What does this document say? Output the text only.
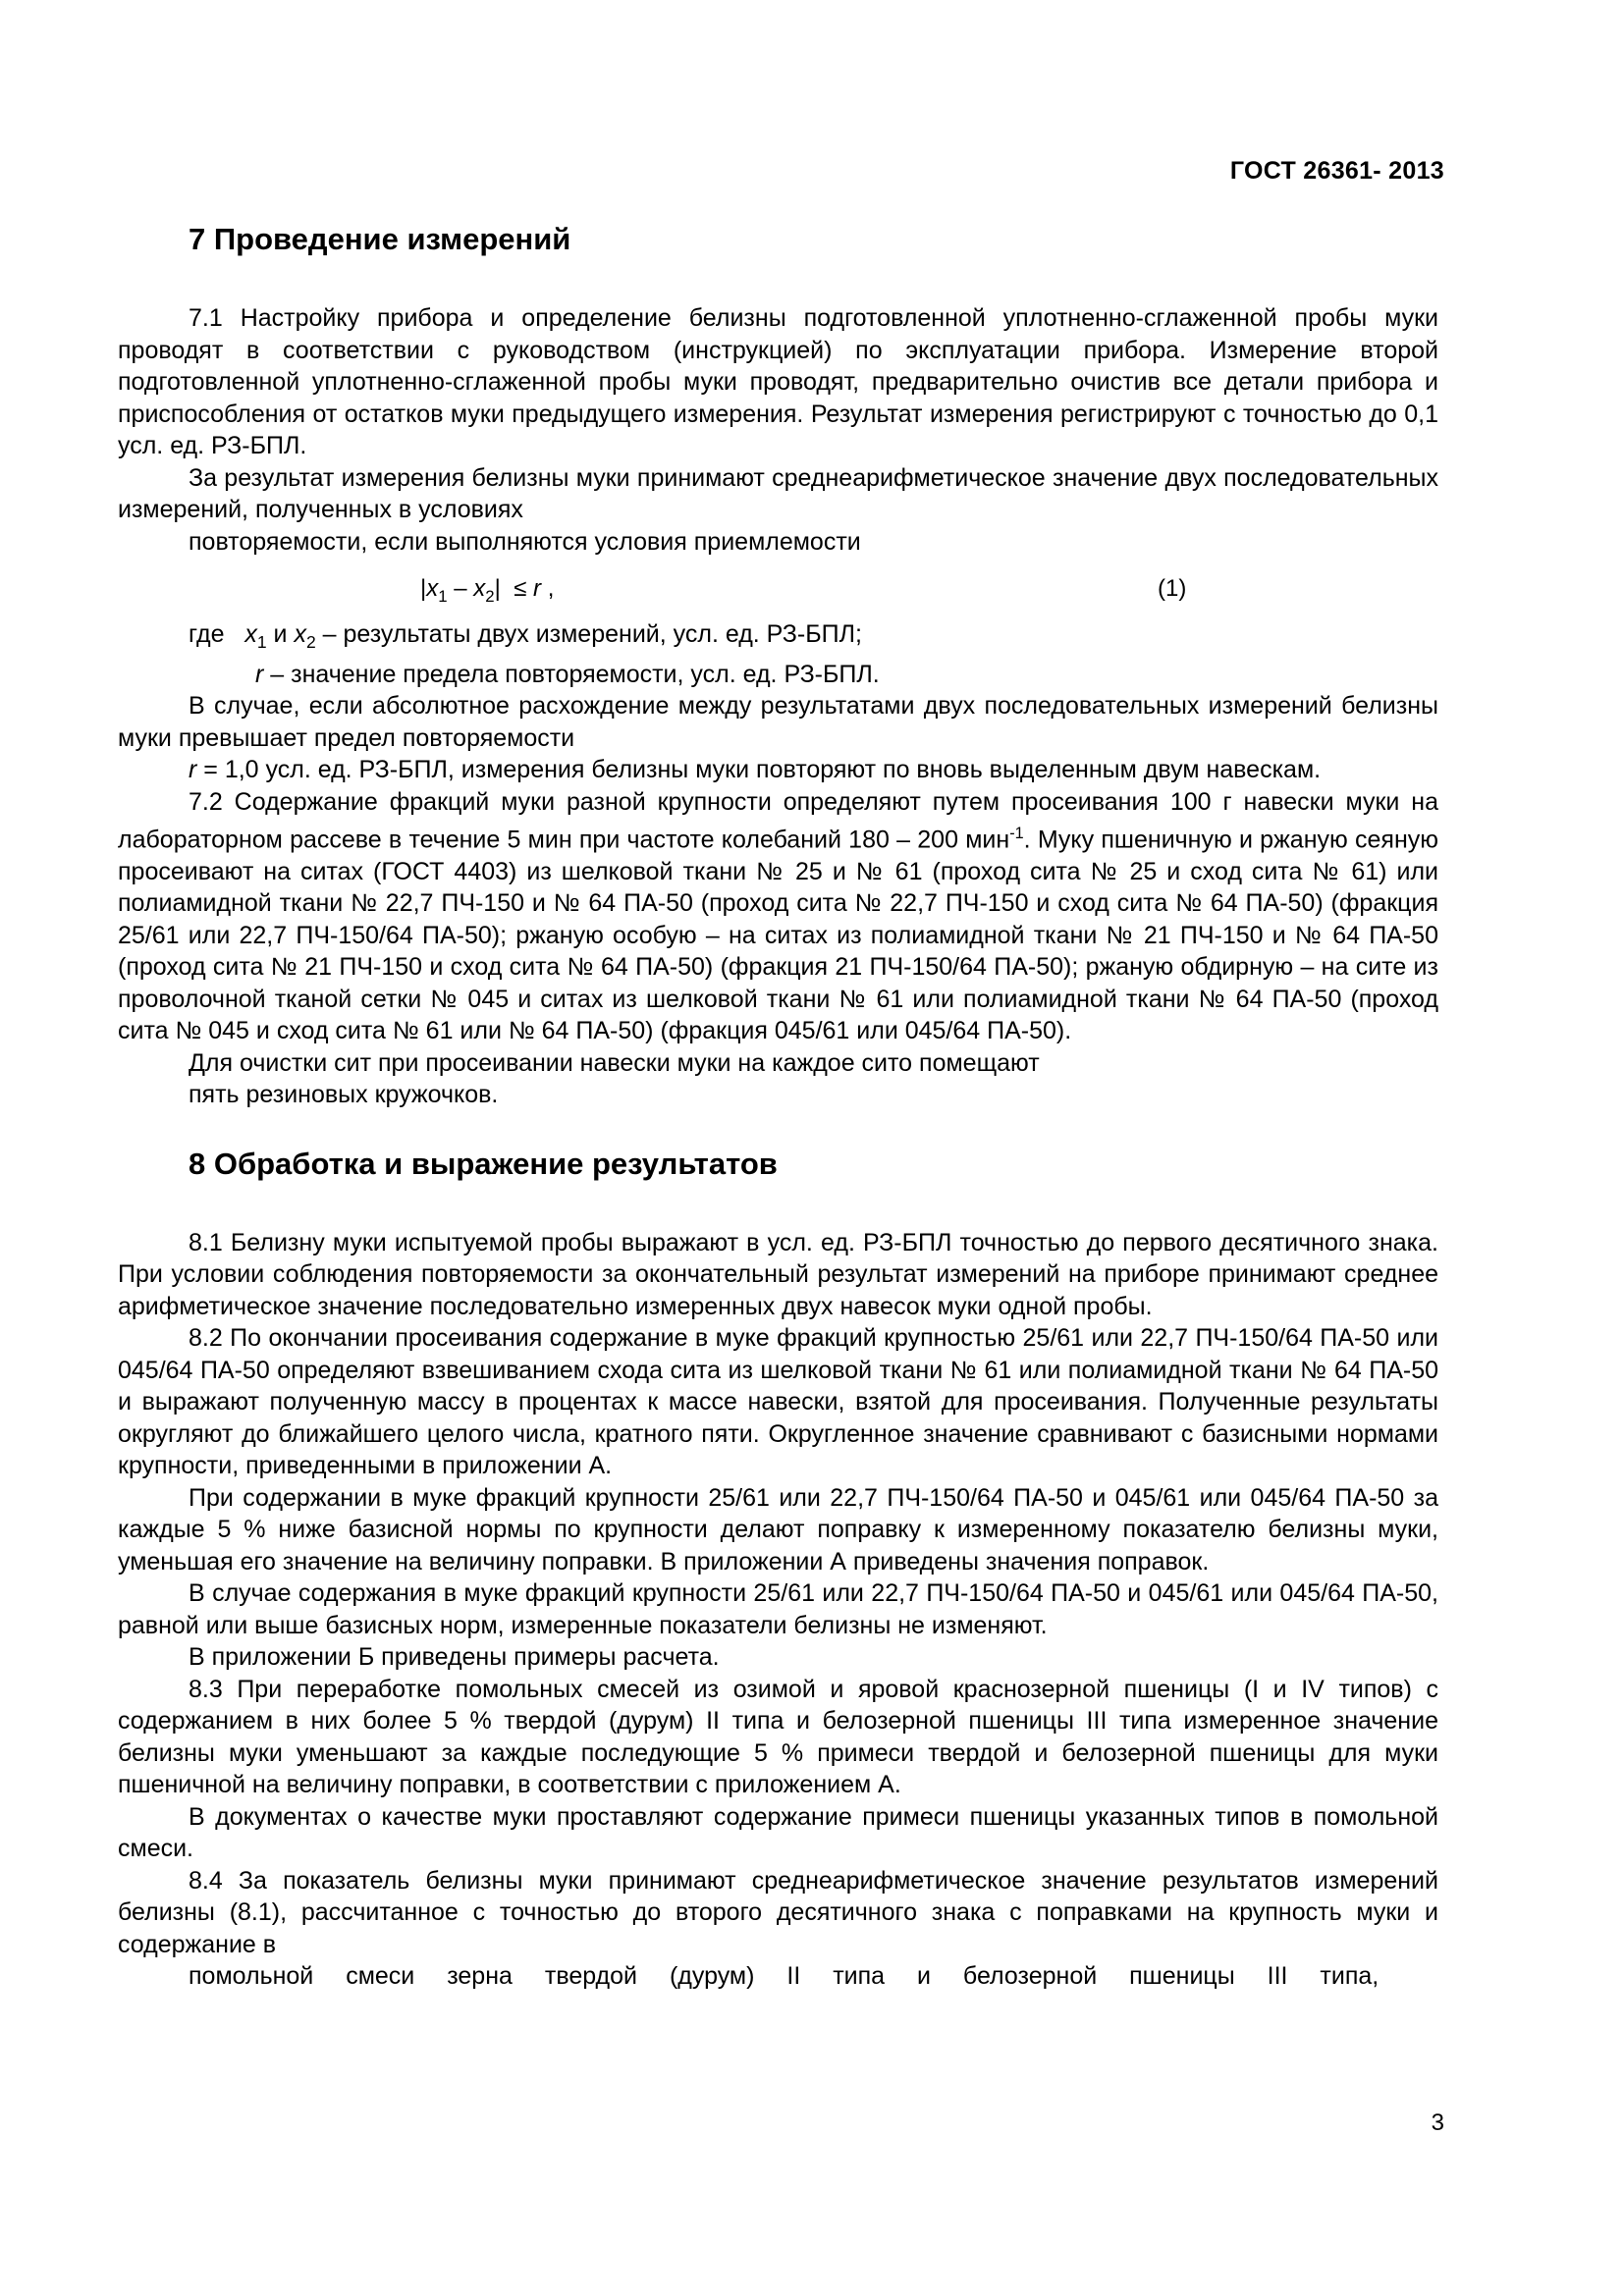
ГОСТ 26361- 2013
7 Проведение измерений

7.1 Настройку прибора и определение белизны подготовленной уплотненно-сглаженной пробы муки проводят в соответствии с руководством (инструкцией) по эксплуатации прибора. Измерение второй подготовленной уплотненно-сглаженной пробы муки проводят, предварительно очистив все детали прибора и приспособления от остатков муки предыдущего измерения. Результат измерения регистрируют с точностью до 0,1 усл. ед. РЗ-БПЛ.

За результат измерения белизны муки принимают среднеарифметическое значение двух последовательных измерений, полученных в условиях

повторяемости, если выполняются условия приемлемости
$|x_1 - x_2| \le r$ ,	(1)
где $x_1$ и $x_2$ – результаты двух измерений, усл. ед. РЗ-БПЛ;
r – значение предела повторяемости, усл. ед. РЗ-БПЛ.

В случае, если абсолютное расхождение между результатами двух последовательных измерений белизны муки превышает предел повторяемости

r = 1,0 усл. ед. РЗ-БПЛ, измерения белизны муки повторяют по вновь выделенным двум навескам.

7.2 Содержание фракций муки разной крупности определяют путем просеивания 100 г навески муки на лабораторном рассеве в течение 5 мин при частоте колебаний 180 – 200 мин$^{-1}$. Муку пшеничную и ржаную сеяную просеивают на ситах (ГОСТ 4403) из шелковой ткани № 25 и № 61 (проход сита № 25 и сход сита № 61) или полиамидной ткани № 22,7 ПЧ-150 и № 64 ПА-50 (проход сита № 22,7 ПЧ-150 и сход сита № 64 ПА-50) (фракция 25/61 или 22,7 ПЧ-150/64 ПА-50); ржаную особую – на ситах из полиамидной ткани № 21 ПЧ-150 и № 64 ПА-50 (проход сита № 21 ПЧ-150 и сход сита № 64 ПА-50) (фракция 21 ПЧ-150/64 ПА-50); ржаную обдирную – на сите из проволочной тканой сетки № 045 и ситах из шелковой ткани № 61 или полиамидной ткани № 64 ПА-50 (проход сита № 045 и сход сита № 61 или № 64 ПА-50) (фракция 045/61 или 045/64 ПА-50).

Для очистки сит при просеивании навески муки на каждое сито помещают
пять резиновых кружочков.
8 Обработка и выражение результатов

8.1 Белизну муки испытуемой пробы выражают в усл. ед. РЗ-БПЛ точностью до первого десятичного знака. При условии соблюдения повторяемости за окончательный результат измерений на приборе принимают среднее арифметическое значение последовательно измеренных двух навесок муки одной пробы.

8.2 По окончании просеивания содержание в муке фракций крупностью 25/61 или 22,7 ПЧ-150/64 ПА-50 или 045/64 ПА-50 определяют взвешиванием схода сита из шелковой ткани № 61 или полиамидной ткани № 64 ПА-50 и выражают полученную массу в процентах к массе навески, взятой для просеивания. Полученные результаты округляют до ближайшего целого числа, кратного пяти. Округленное значение сравнивают с базисными нормами крупности, приведенными в приложении А.

При содержании в муке фракций крупности 25/61 или 22,7 ПЧ-150/64 ПА-50 и 045/61 или 045/64 ПА-50 за каждые 5 % ниже базисной нормы по крупности делают поправку к измеренному показателю белизны муки, уменьшая его значение на величину поправки. В приложении А приведены значения поправок.

В случае содержания в муке фракций крупности 25/61 или 22,7 ПЧ-150/64 ПА-50 и 045/61 или 045/64 ПА-50, равной или выше базисных норм, измеренные показатели белизны не изменяют.

В приложении Б приведены примеры расчета.

8.3 При переработке помольных смесей из озимой и яровой краснозерной пшеницы (I и IV типов) с содержанием в них более 5 % твердой (дурум) II типа и белозерной пшеницы III типа измеренное значение белизны муки уменьшают за каждые последующие 5 % примеси твердой и белозерной пшеницы для муки пшеничной на величину поправки, в соответствии с приложением А.

В документах о качестве муки проставляют содержание примеси пшеницы указанных типов в помольной смеси.

8.4 За показатель белизны муки принимают среднеарифметическое значение результатов измерений белизны (8.1), рассчитанное с точностью до второго десятичного знака с поправками на крупность муки и содержание в

помольной смеси зерна твердой (дурум) II типа и белозерной пшеницы III типа,
3
